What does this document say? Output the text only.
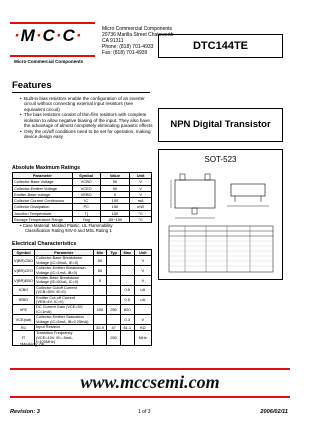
·M·C·C·
Micro Commercial Components
Micro Commercial Components
20736 Marilla Street Chatsworth
CA 91311
Phone: (818) 701-4933
Fax: (818) 701-4939
DTC144TE
Features
• Built-in bias resistors enable the configuration of an inverter circuit without connecting external input resistors (see equivalent circuit)
• The bias resistors consist of thin-film resistors with complete isolation to allow negative biasing of the input. They also have the advantage of almost completely eliminating parasitic effects
• Only the on/off conditions need to be set for operation, making device design easy
NPN Digital Transistor
Absolute Maximum Ratings
Parameter	Symbol	Value	Unit
Collector-Base Voltage	VCBO	50	V
Collector-Emitter Voltage	VCEO	50	V
Emitter-Base voltage	VEBO	5	V
Collector Current Continuous	IC	100	mA
Collector Dissipation	PC	150	mW
Junction Temperature	Tj	150	°C
Storage Temperature Range	Tstg	-55~150	°C
• Case Material: Molded Plastic. UL Flammability
Classification Rating 94V-0 and MSL Rating 1
SOT-523
Electrical Characteristics
Symbol	Parameter	Min	Typ	Max	Unit
V(BR)CBO	Collector-Base Breakdown Voltage (IC=50uA, IE=0)	50			V
V(BR)CEO	Collector-Emitter Breakdown Voltage (IC=1mA, IB=0)	50			V
V(BR)EBO	Emitter-Base Breakdown Voltage (IE=50uA, IC=0)	5			V
ICBO	Collector Cutoff Current (VCB=50V, IE=0)			0.5	uA
IEBO	Emitter Cut-off Current (VEB=4V, IC=0)			0.5	uA
hFE	DC Current Gain (VCE=5V, IC=1mA)	100	250	600	
VCE(sat)	Collector-Emitter Saturation Voltage (IC=5mA, IB=0.25mA)			0.3	V
R1	Input Resistor	32.9	47	61.1	KΩ
fT	Transition Frequency (VCE=10V, IE=-5mA, f=100MHz)		250		MHz
*Marking: 06
www.mccsemi.com
Revision: 3	1 of 3	2006/02/11
